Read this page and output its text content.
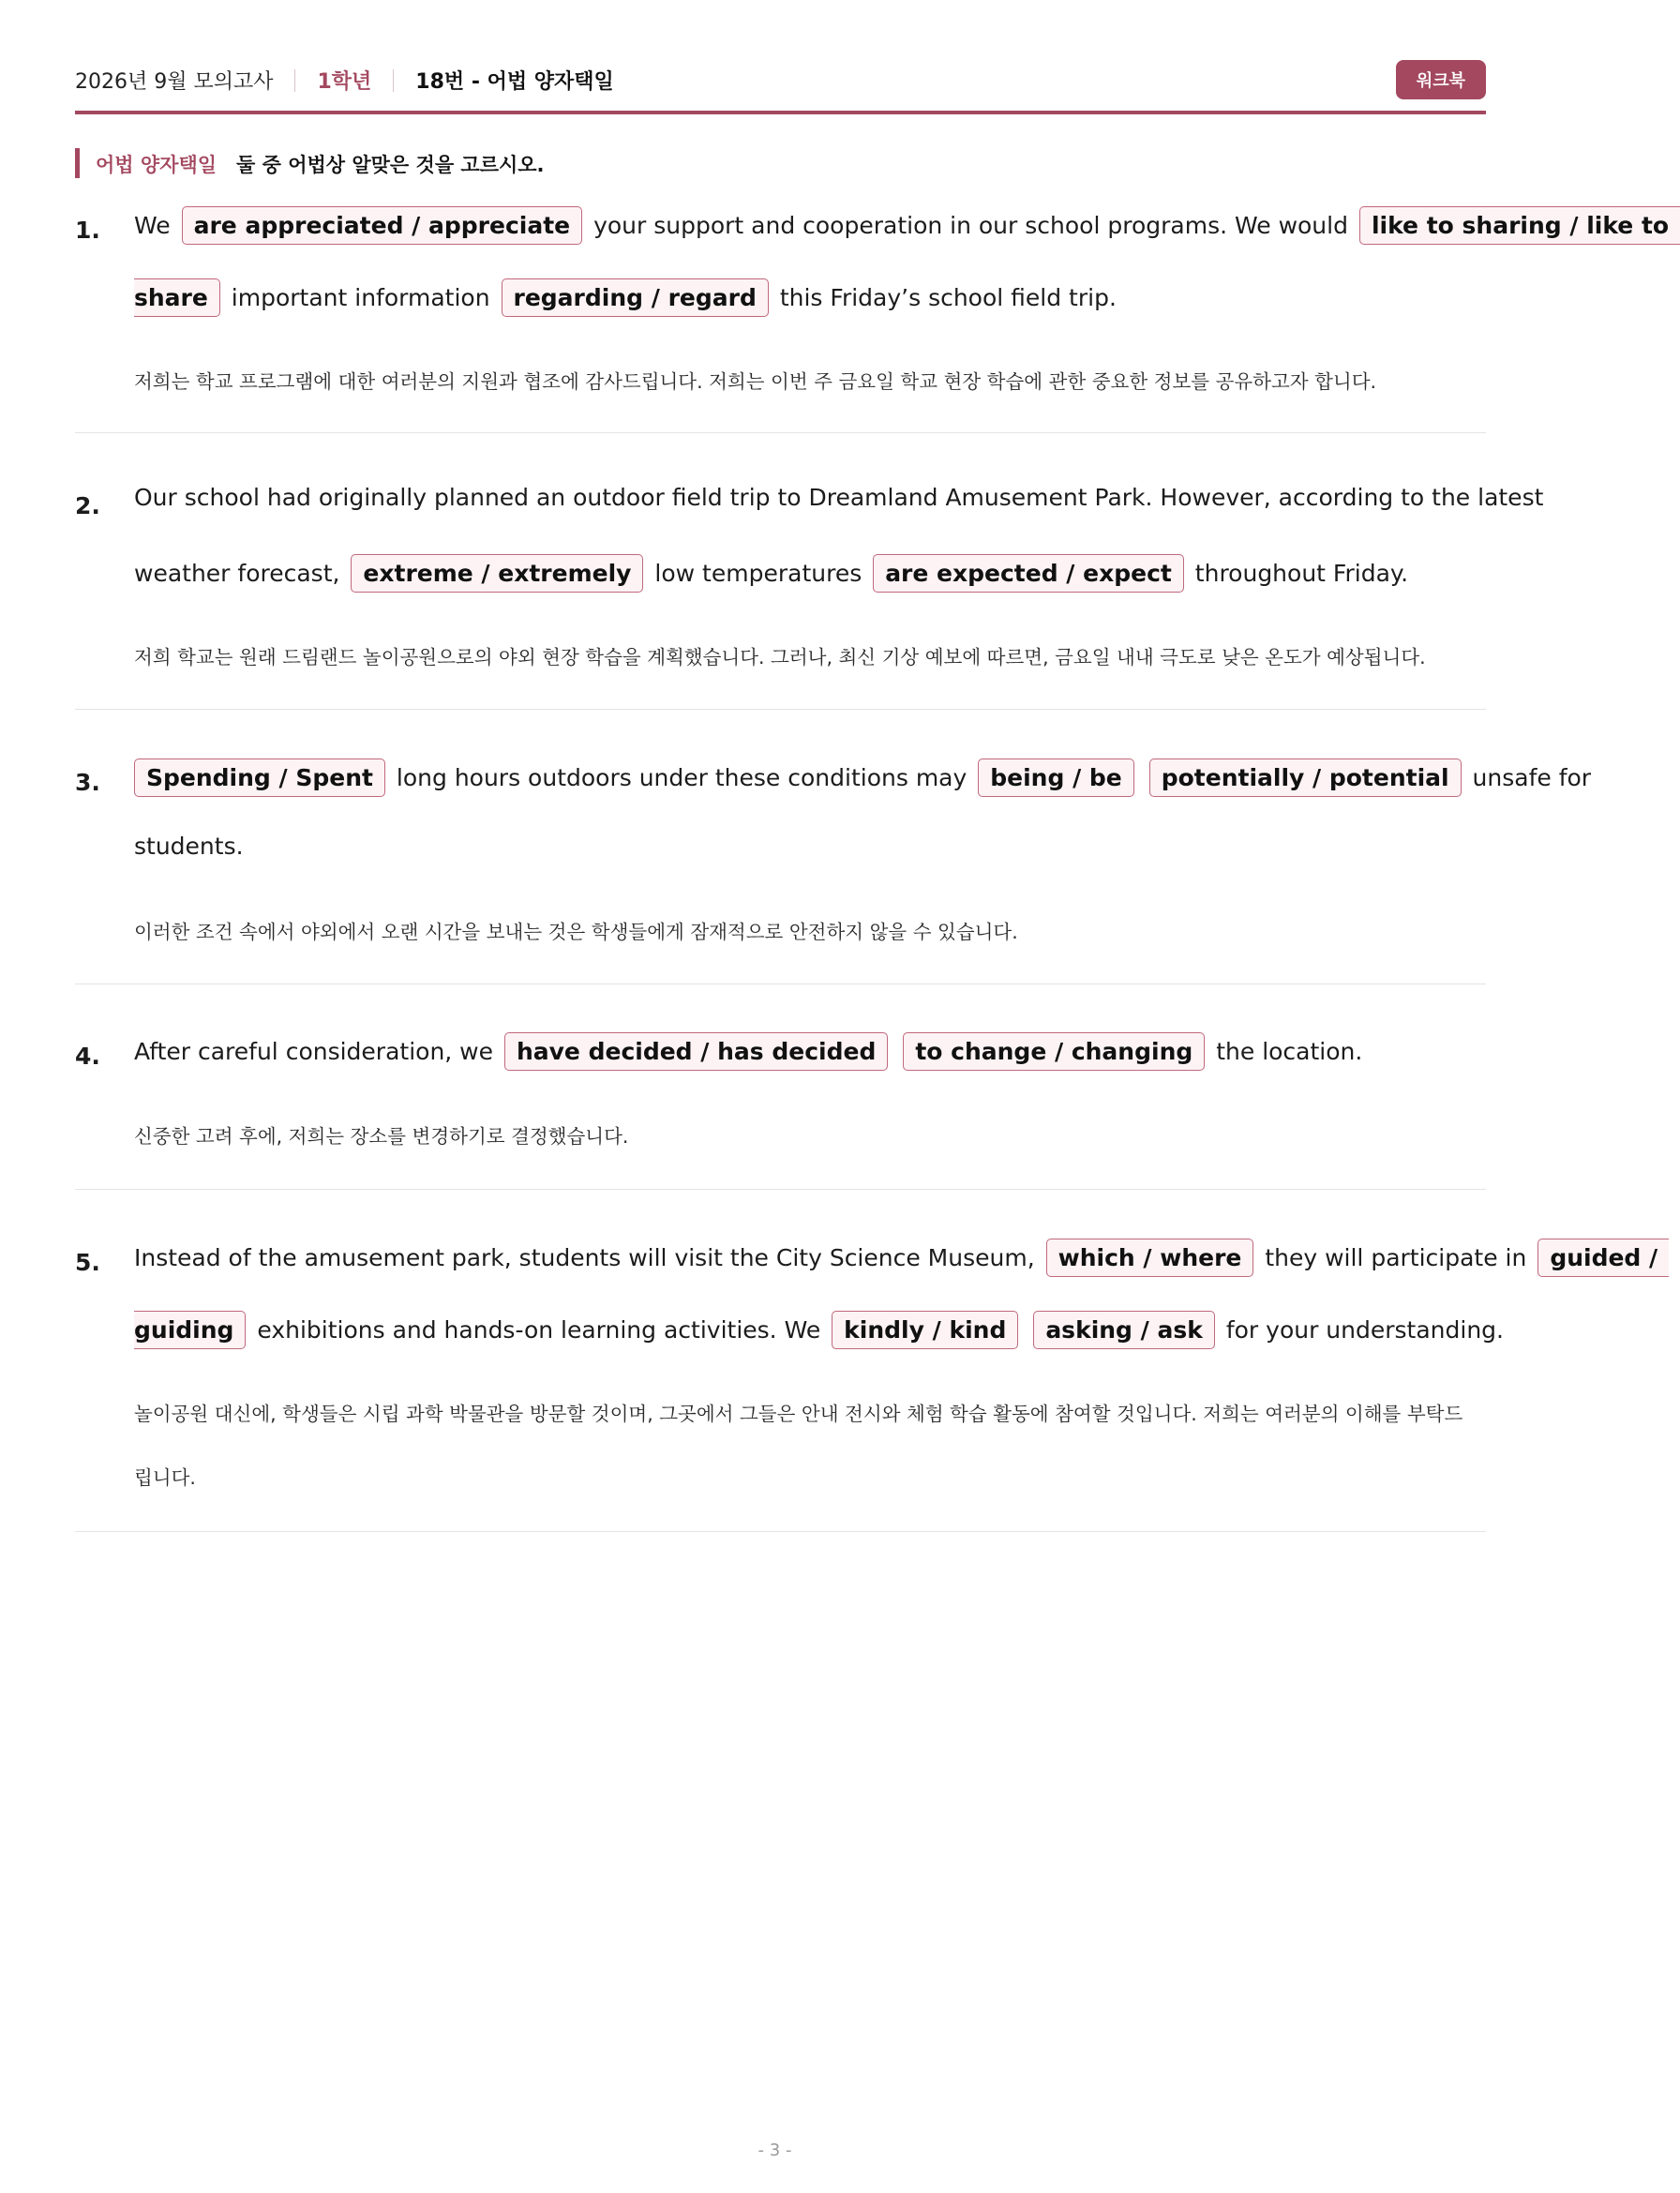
2026년 9월 모의고사 1학년 18번 - 어법 양자택일	워크북
어법 양자택일 둘 중 어법상 알맞은 것을 고르시오.
1. We are appreciated / appreciate your support and cooperation in our school programs. We would like to sharing / like to
share important information regarding / regard this Friday’s school field trip.
저희는 학교 프로그램에 대한 여러분의 지원과 협조에 감사드립니다. 저희는 이번 주 금요일 학교 현장 학습에 관한 중요한 정보를 공유하고자 합니다.
2. Our school had originally planned an outdoor field trip to Dreamland Amusement Park. However, according to the latest
weather forecast, extreme / extremely low temperatures are expected / expect throughout Friday.
저희 학교는 원래 드림랜드 놀이공원으로의 야외 현장 학습을 계획했습니다. 그러나, 최신 기상 예보에 따르면, 금요일 내내 극도로 낮은 온도가 예상됩니다.
3.	Spending / Spent long hours outdoors under these conditions may being / be potentially / potential unsafe for
students.
이러한 조건 속에서 야외에서 오랜 시간을 보내는 것은 학생들에게 잠재적으로 안전하지 않을 수 있습니다.
4. After careful consideration, we have decided / has decided to change / changing the location.
신중한 고려 후에, 저희는 장소를 변경하기로 결정했습니다.
5. Instead of the amusement park, students will visit the City Science Museum, which / where they will participate in guided /
guiding exhibitions and hands-on learning activities. We kindly / kind asking / ask for your understanding.
놀이공원 대신에, 학생들은 시립 과학 박물관을 방문할 것이며, 그곳에서 그들은 안내 전시와 체험 학습 활동에 참여할 것입니다. 저희는 여러분의 이해를 부탁드
립니다.
- 3 -
